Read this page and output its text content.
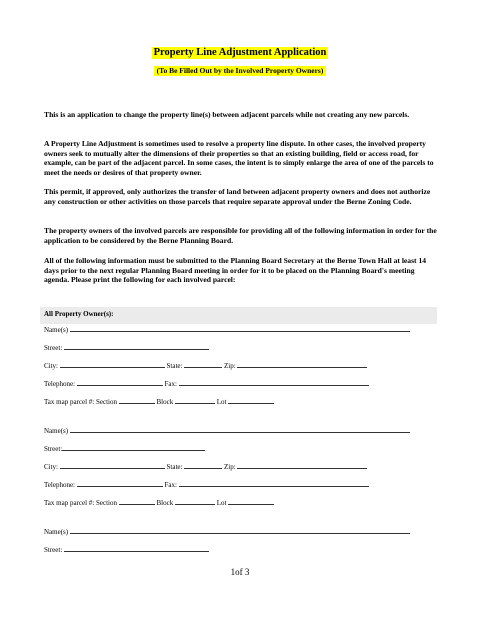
Property Line Adjustment Application
(To Be Filled Out by the Involved Property Owners)

This is an application to change the property line(s) between adjacent parcels while not creating any new parcels.

A Property Line Adjustment is sometimes used to resolve a property line dispute. In other cases, the involved property owners seek to mutually alter the dimensions of their properties so that an existing building, field or access road, for example, can be part of the adjacent parcel. In some cases, the intent is to simply enlarge the area of one of the parcels to meet the needs or desires of that property owner.

This permit, if approved, only authorizes the transfer of land between adjacent property owners and does not authorize any construction or other activities on those parcels that require separate approval under the Berne Zoning Code.

The property owners of the involved parcels are responsible for providing all of the following information in order for the application to be considered by the Berne Planning Board.

All of the following information must be submitted to the Planning Board Secretary at the Berne Town Hall at least 14 days prior to the next regular Planning Board meeting in order for it to be placed on the Planning Board's meeting agenda. Please print the following for each involved parcel:

All Property Owner(s):
Name(s)
Street:
City:	State:	Zip:
Telephone:	Fax:
Tax map parcel #: Section	Block	Lot
Name(s)
Street:
City:	State:	Zip:
Telephone:	Fax:
Tax map parcel #: Section	Block	Lot
Name(s)
Street:
1of 3
